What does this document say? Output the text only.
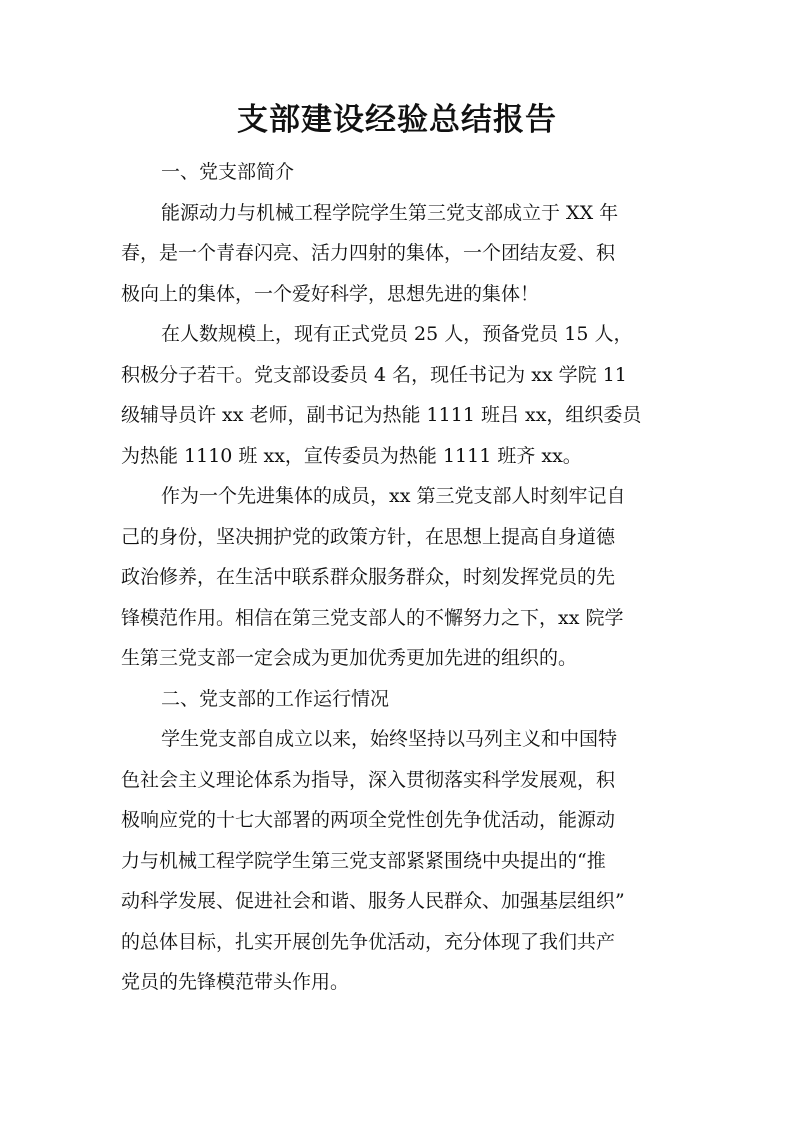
支部建设经验总结报告
一、党支部简介
能源动力与机械工程学院学生第三党支部成立于 XX 年
春，是一个青春闪亮、活力四射的集体，一个团结友爱、积
极向上的集体，一个爱好科学，思想先进的集体！
在人数规模上，现有正式党员 25 人，预备党员 15 人，
积极分子若干。党支部设委员 4 名，现任书记为 xx 学院 11
级辅导员许 xx 老师，副书记为热能 1111 班吕 xx，组织委员
为热能 1110 班 xx，宣传委员为热能 1111 班齐 xx。
作为一个先进集体的成员，xx 第三党支部人时刻牢记自
己的身份，坚决拥护党的政策方针，在思想上提高自身道德
政治修养，在生活中联系群众服务群众，时刻发挥党员的先
锋模范作用。相信在第三党支部人的不懈努力之下，xx 院学
生第三党支部一定会成为更加优秀更加先进的组织的。
二、党支部的工作运行情况
学生党支部自成立以来，始终坚持以马列主义和中国特
色社会主义理论体系为指导，深入贯彻落实科学发展观，积
极响应党的十七大部署的两项全党性创先争优活动，能源动
力与机械工程学院学生第三党支部紧紧围绕中央提出的“推
动科学发展、促进社会和谐、服务人民群众、加强基层组织”
的总体目标，扎实开展创先争优活动，充分体现了我们共产
党员的先锋模范带头作用。
